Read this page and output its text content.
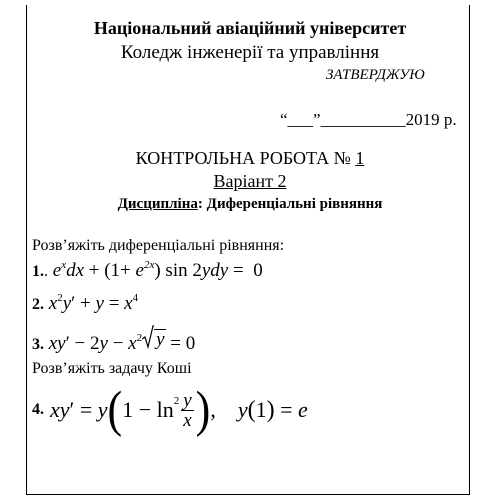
Національний авіаційний університет
Коледж інженерії та управління
ЗАТВЕРДЖУЮ
“___”__________2019 р.
КОНТРОЛЬНА РОБОТА № 1
Варіант 2
Дисципліна: Диференціальні рівняння
Розв’яжіть диференціальні рівняння:
1.. $e^xdx + (1+ e^{2x})$ sin 2ydy =  0
2. $x^2y' + y = x^4$
3. $xy' - 2y - x^2$ y = 0
Розв’яжіть задачу Коші
4. xy ′ = y ( $1 - \ln 2 \frac{y}{x}$ ) , y ( 1 ) = e
